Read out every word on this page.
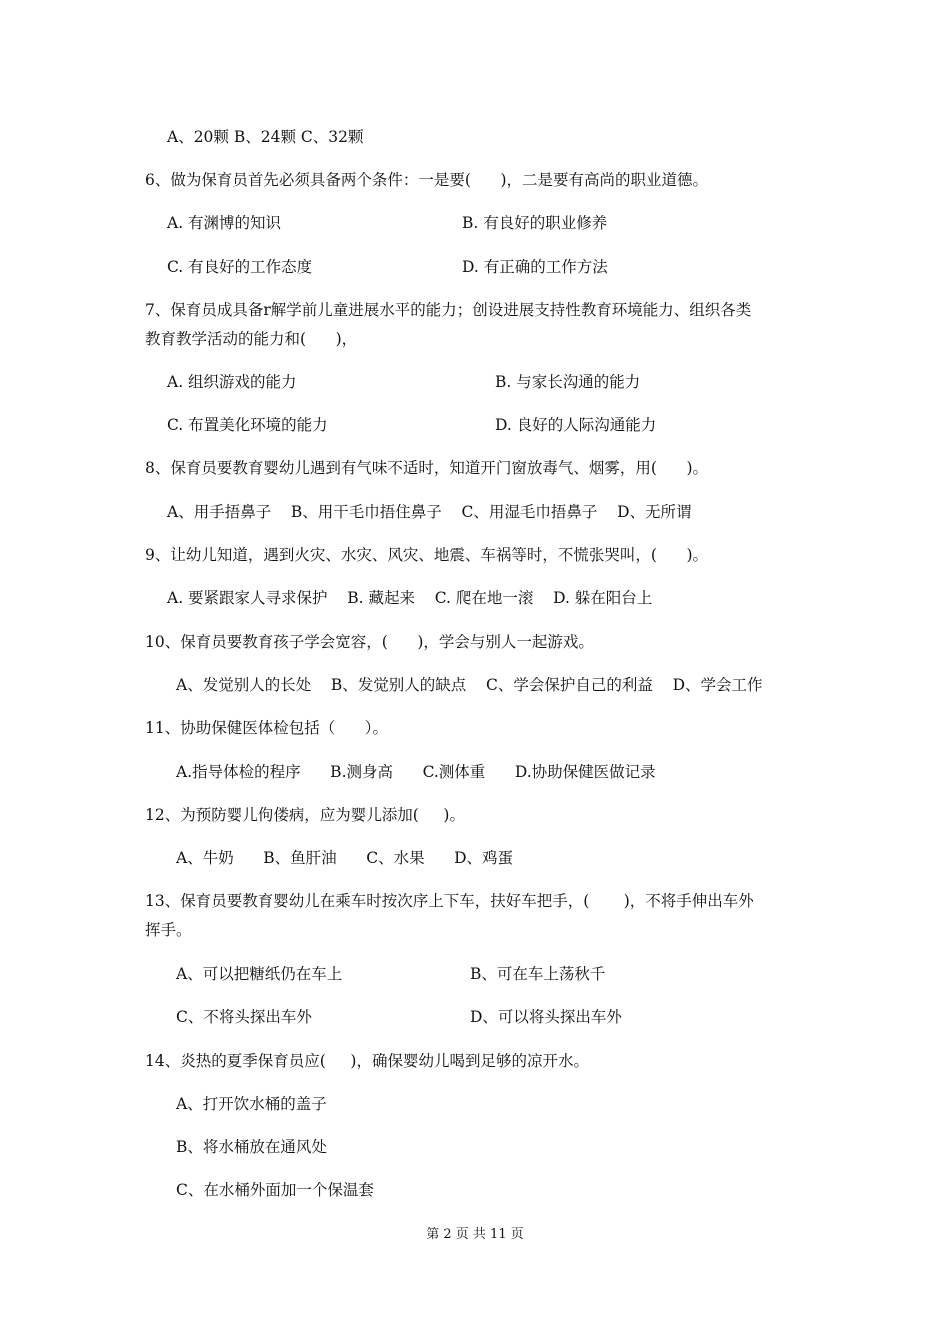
A、20颗 B、24颗 C、32颗
6、做为保育员首先必须具备两个条件：一是要(      )，二是要有高尚的职业道德。
A. 有渊博的知识	B. 有良好的职业修养
C. 有良好的工作态度	D. 有正确的工作方法
7、保育员成具备r解学前儿童进展水平的能力；创设进展支持性教育环境能力、组织各类
教育教学活动的能力和(      )，
A. 组织游戏的能力	B. 与家长沟通的能力
C. 布置美化环境的能力	D. 良好的人际沟通能力
8、保育员要教育婴幼儿遇到有气味不适时，知道开门窗放毒气、烟雾，用(      )。
A、用手捂鼻子    B、用干毛巾捂住鼻子    C、用湿毛巾捂鼻子    D、无所谓
9、让幼儿知道，遇到火灾、水灾、风灾、地震、车祸等时，不慌张哭叫，(      )。
A. 要紧跟家人寻求保护    B. 藏起来    C. 爬在地一滚    D. 躲在阳台上
10、保育员要教育孩子学会宽容，(      )，学会与别人一起游戏。
A、发觉别人的长处    B、发觉别人的缺点    C、学会保护自己的利益    D、学会工作
11、协助保健医体检包括（      ）。
A.指导体检的程序      B.测身高      C.测体重      D.协助保健医做记录
12、为预防婴儿佝偻病，应为婴儿添加(     )。
A、牛奶      B、鱼肝油      C、水果      D、鸡蛋
13、保育员要教育婴幼儿在乘车时按次序上下车，扶好车把手，(       )，不将手伸出车外
挥手。
A、可以把糖纸仍在车上	B、可在车上荡秋千
C、不将头探出车外	D、可以将头探出车外
14、炎热的夏季保育员应(     )，确保婴幼儿喝到足够的凉开水。
A、打开饮水桶的盖子
B、将水桶放在通风处
C、在水桶外面加一个保温套
第 2 页 共 11 页
